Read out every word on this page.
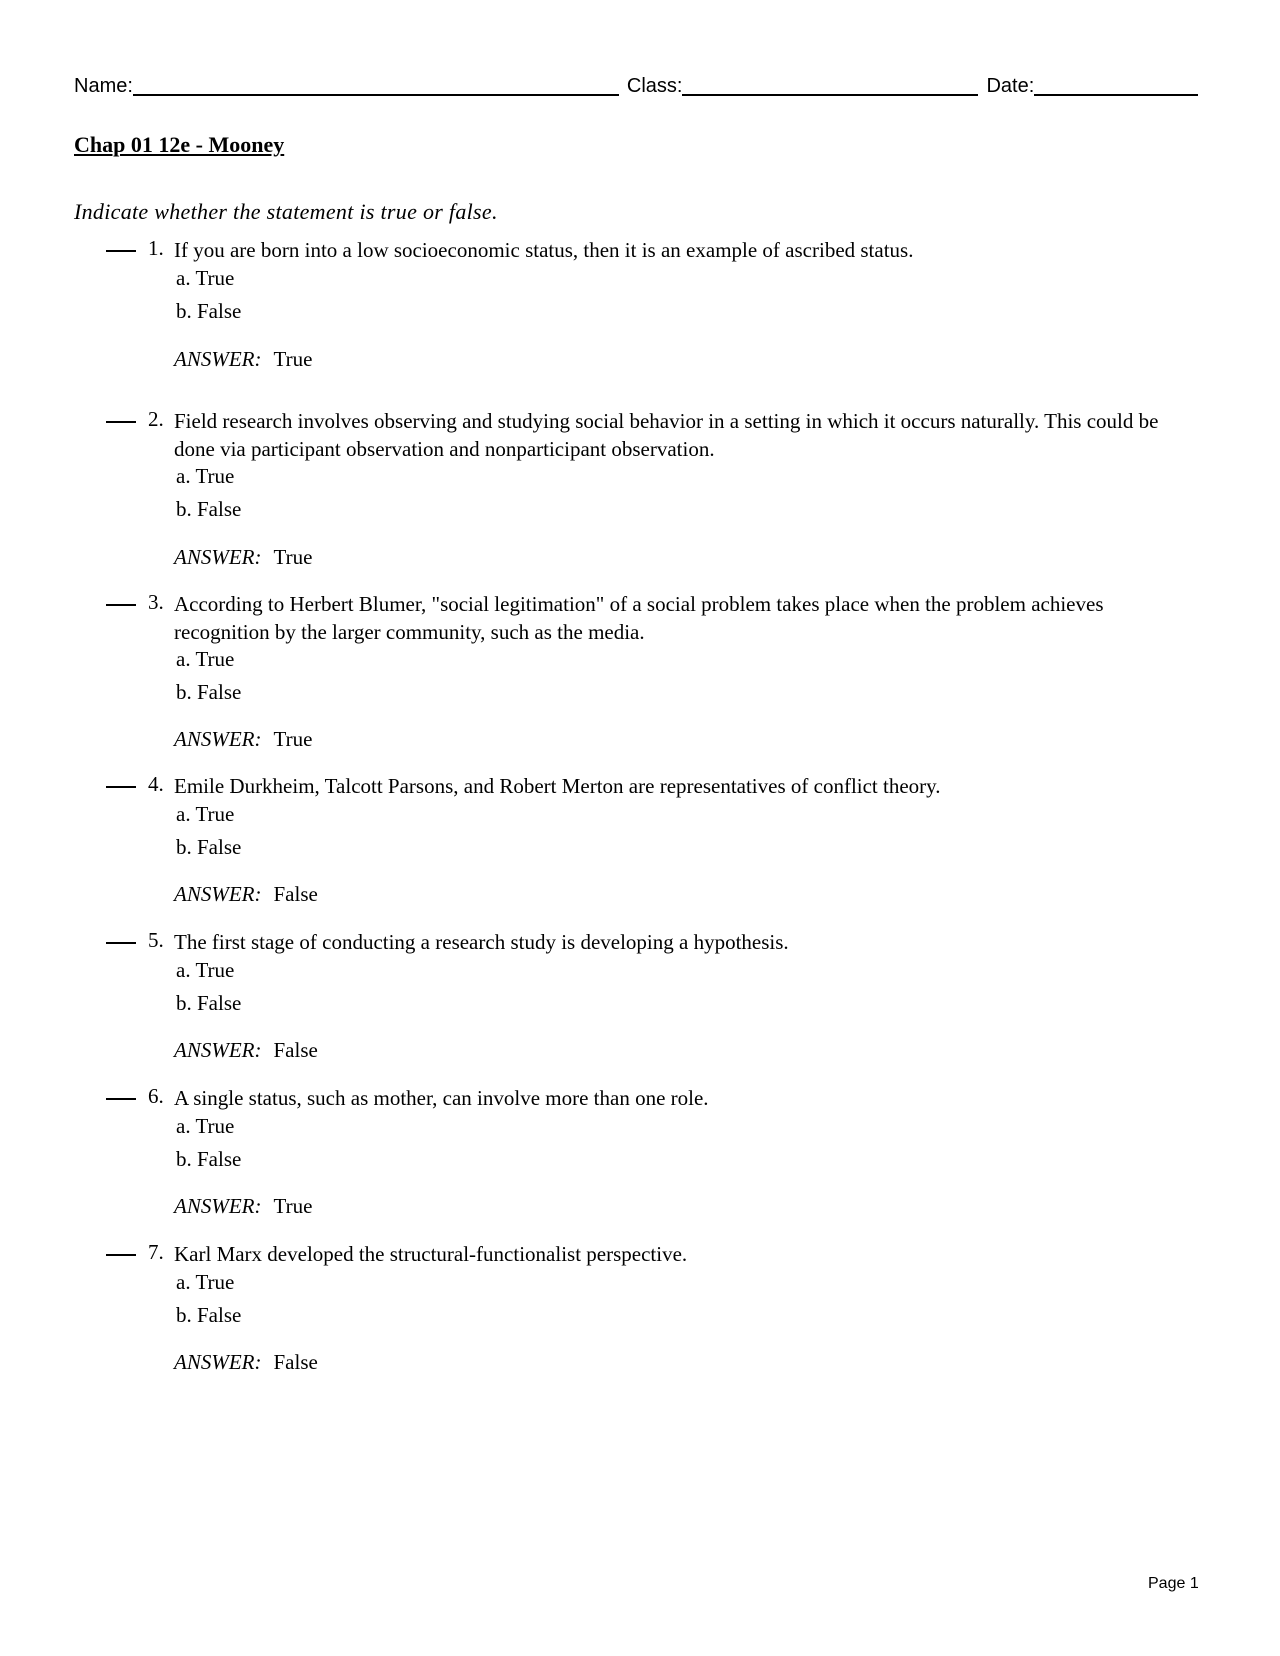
Name:	Class:	Date:
Chap 01 12e - Mooney
Indicate whether the statement is true or false.
1. If you are born into a low socioeconomic status, then it is an example of ascribed status.
a. True
b. False
ANSWER: True
2. Field research involves observing and studying social behavior in a setting in which it occurs naturally. This could be done via participant observation and nonparticipant observation.
a. True
b. False
ANSWER: True
3. According to Herbert Blumer, "social legitimation" of a social problem takes place when the problem achieves recognition by the larger community, such as the media.
a. True
b. False
ANSWER: True
4. Emile Durkheim, Talcott Parsons, and Robert Merton are representatives of conflict theory.
a. True
b. False
ANSWER: False
5. The first stage of conducting a research study is developing a hypothesis.
a. True
b. False
ANSWER: False
6. A single status, such as mother, can involve more than one role.
a. True
b. False
ANSWER: True
7. Karl Marx developed the structural-functionalist perspective.
a. True
b. False
ANSWER: False
Page 1
